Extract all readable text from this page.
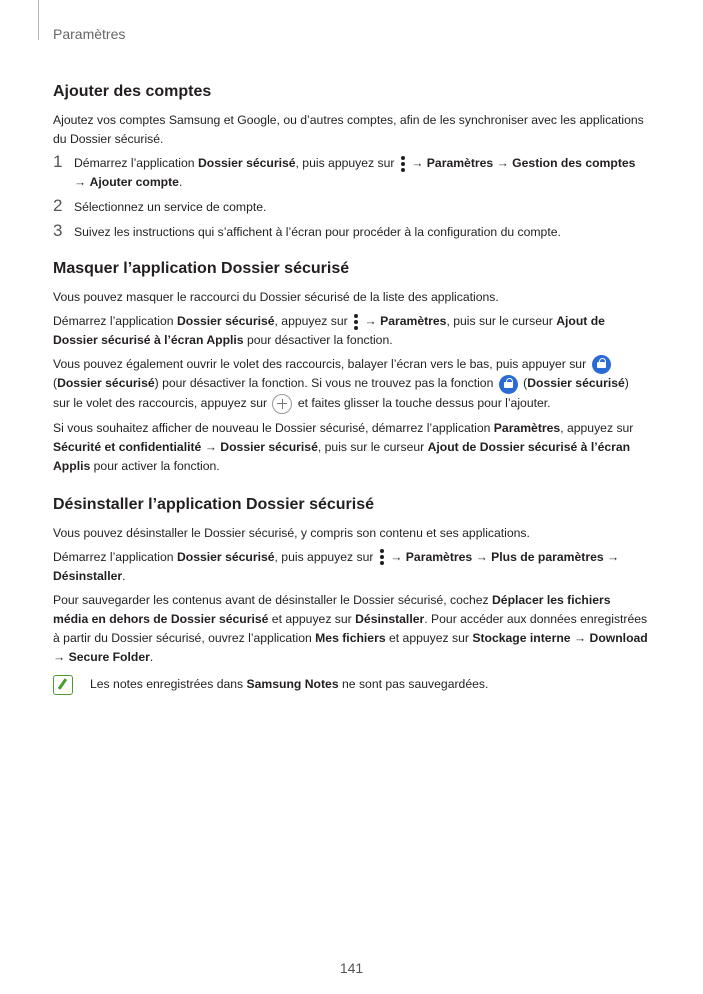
Paramètres
Ajouter des comptes

Ajoutez vos comptes Samsung et Google, ou d’autres comptes, afin de les synchroniser avec les applications du Dossier sécurisé.

1 Démarrez l’application Dossier sécurisé, puis appuyez sur  → Paramètres → Gestion des comptes → Ajouter compte.
2 Sélectionnez un service de compte.
3 Suivez les instructions qui s’affichent à l’écran pour procéder à la configuration du compte.
Masquer l’application Dossier sécurisé

Vous pouvez masquer le raccourci du Dossier sécurisé de la liste des applications.

Démarrez l’application Dossier sécurisé, appuyez sur  → Paramètres, puis sur le curseur Ajout de Dossier sécurisé à l’écran Applis pour désactiver la fonction.

Vous pouvez également ouvrir le volet des raccourcis, balayer l’écran vers le bas, puis appuyer sur  (Dossier sécurisé) pour désactiver la fonction. Si vous ne trouvez pas la fonction  (Dossier sécurisé) sur le volet des raccourcis, appuyez sur  et faites glisser la touche dessus pour l’ajouter.

Si vous souhaitez afficher de nouveau le Dossier sécurisé, démarrez l’application Paramètres, appuyez sur Sécurité et confidentialité → Dossier sécurisé, puis sur le curseur Ajout de Dossier sécurisé à l’écran Applis pour activer la fonction.

Désinstaller l’application Dossier sécurisé

Vous pouvez désinstaller le Dossier sécurisé, y compris son contenu et ses applications.

Démarrez l’application Dossier sécurisé, puis appuyez sur  → Paramètres → Plus de paramètres → Désinstaller.

Pour sauvegarder les contenus avant de désinstaller le Dossier sécurisé, cochez Déplacer les fichiers média en dehors de Dossier sécurisé et appuyez sur Désinstaller. Pour accéder aux données enregistrées à partir du Dossier sécurisé, ouvrez l’application Mes fichiers et appuyez sur Stockage interne → Download → Secure Folder.

Les notes enregistrées dans Samsung Notes ne sont pas sauvegardées.
141
